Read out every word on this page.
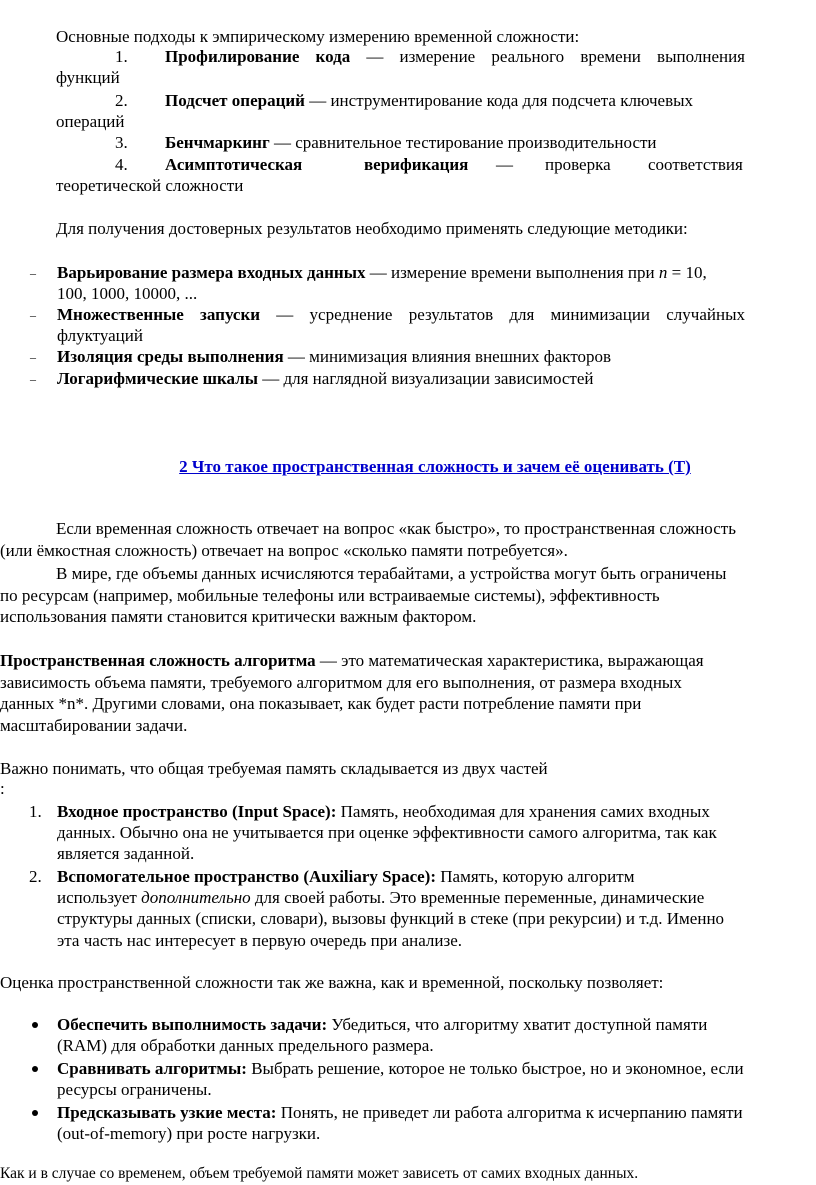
Основные подходы к эмпирическому измерению временной сложности:
1. Профилирование кода — измерение реального времени выполнения
функций
2. Подсчет операций — инструментирование кода для подсчета ключевых
операций
3. Бенчмаркинг — сравнительное тестирование производительности
4. Асимптотическая	верификация — проверка соответствия
теоретической сложности
Для получения достоверных результатов необходимо применять следующие методики:
– Варьирование размера входных данных — измерение времени выполнения при n = 10,
100, 1000, 10000, ...
– Множественные запуски — усреднение результатов для минимизации случайных
флуктуаций
– Изоляция среды выполнения — минимизация влияния внешних факторов
– Логарифмические шкалы — для наглядной визуализации зависимостей
2 Что такое пространственная сложность и зачем её оценивать (Т)
Если временная сложность отвечает на вопрос «как быстро», то пространственная сложность
(или ёмкостная сложность) отвечает на вопрос «сколько памяти потребуется».
В мире, где объемы данных исчисляются терабайтами, а устройства могут быть ограничены
по ресурсам (например, мобильные телефоны или встраиваемые системы), эффективность
использования памяти становится критически важным фактором.
Пространственная сложность алгоритма — это математическая характеристика, выражающая
зависимость объема памяти, требуемого алгоритмом для его выполнения, от размера входных
данных *n*. Другими словами, она показывает, как будет расти потребление памяти при
масштабировании задачи.
Важно понимать, что общая требуемая память складывается из двух частей
:
1. Входное пространство (Input Space): Память, необходимая для хранения самих входных
данных. Обычно она не учитывается при оценке эффективности самого алгоритма, так как
является заданной.
2. Вспомогательное пространство (Auxiliary Space): Память, которую алгоритм
использует дополнительно для своей работы. Это временные переменные, динамические
структуры данных (списки, словари), вызовы функций в стеке (при рекурсии) и т.д. Именно
эта часть нас интересует в первую очередь при анализе.
Оценка пространственной сложности так же важна, как и временной, поскольку позволяет:
Обеспечить выполнимость задачи: Убедиться, что алгоритму хватит доступной памяти
(RAM) для обработки данных предельного размера.
Сравнивать алгоритмы: Выбрать решение, которое не только быстрое, но и экономное, если
ресурсы ограничены.
Предсказывать узкие места: Понять, не приведет ли работа алгоритма к исчерпанию памяти
(out-of-memory) при росте нагрузки.
Как и в случае со временем, объем требуемой памяти может зависеть от самих входных данных.
